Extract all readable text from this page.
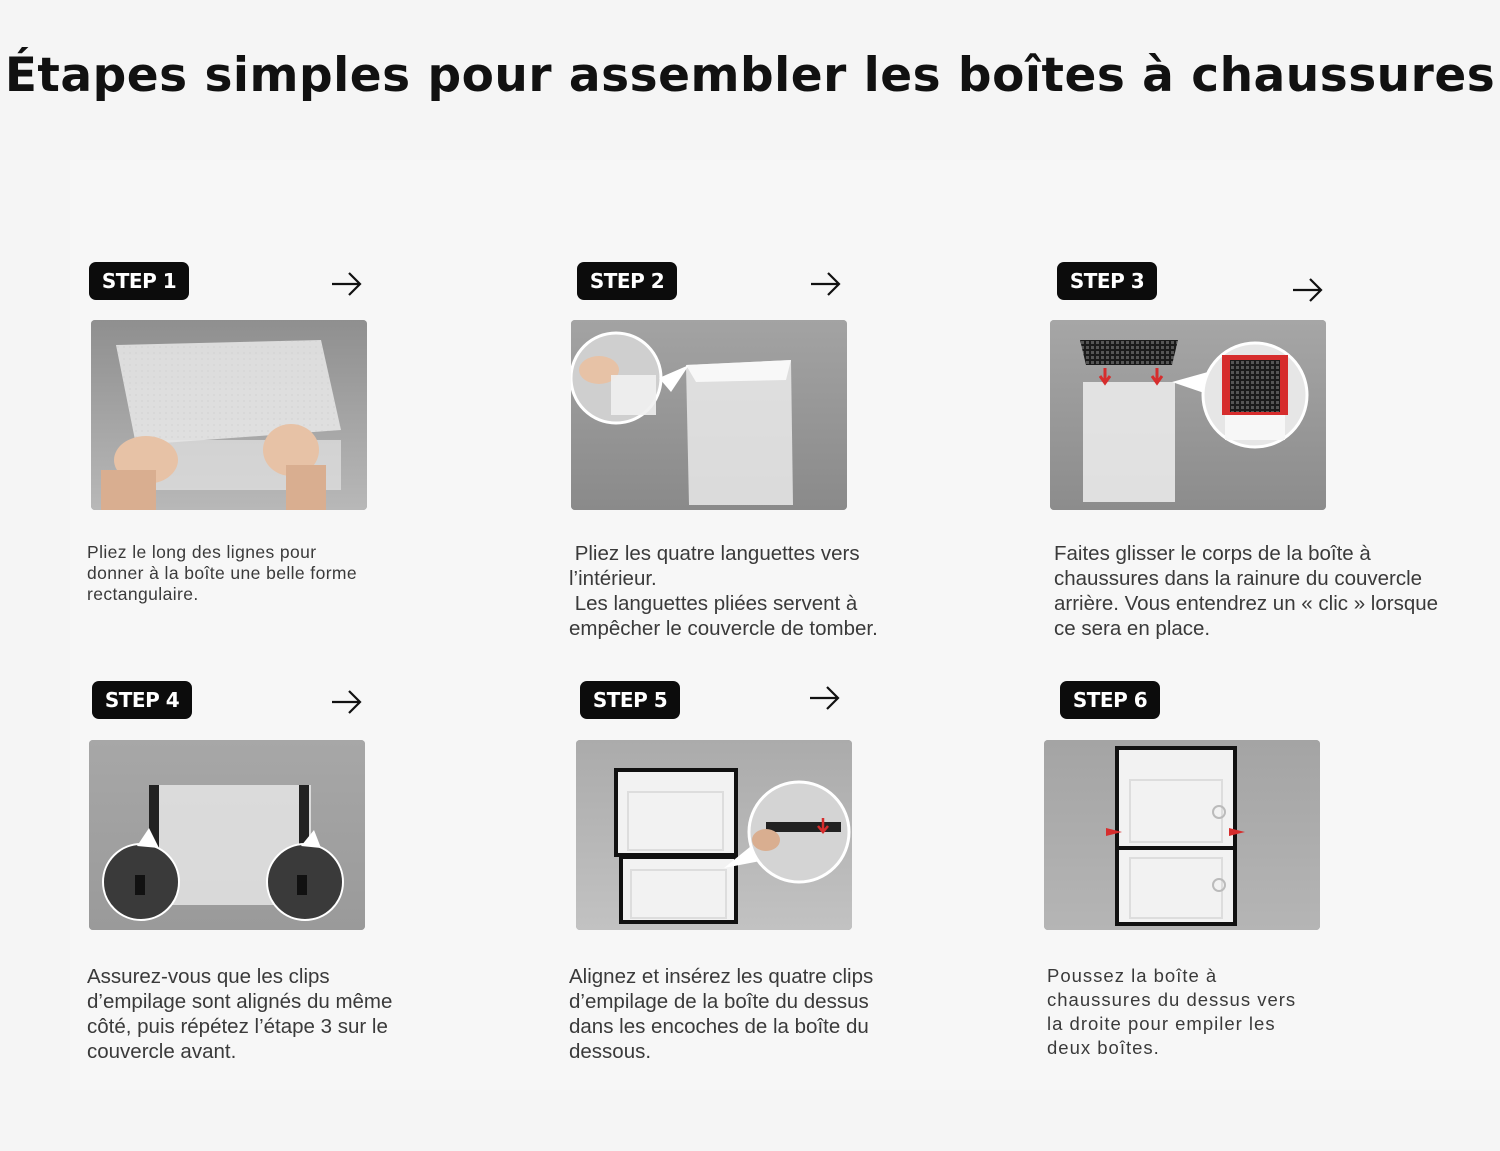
Étapes simples pour assembler les boîtes à chaussures
STEP 1

Pliez le long des lignes pour
donner à la boîte une belle forme
rectangulaire.

STEP 2

Pliez les quatre languettes vers
l’intérieur.
Les languettes pliées servent à
empêcher le couvercle de tomber.

STEP 3

Faites glisser le corps de la boîte à
chaussures dans la rainure du couvercle
arrière. Vous entendrez un « clic » lorsque
ce sera en place.

STEP 4

Assurez-vous que les clips
d’empilage sont alignés du même
côté, puis répétez l’étape 3 sur le
couvercle avant.

STEP 5

Alignez et insérez les quatre clips
d’empilage de la boîte du dessus
dans les encoches de la boîte du
dessous.

STEP 6

Poussez la boîte à
chaussures du dessus vers
la droite pour empiler les
deux boîtes.
